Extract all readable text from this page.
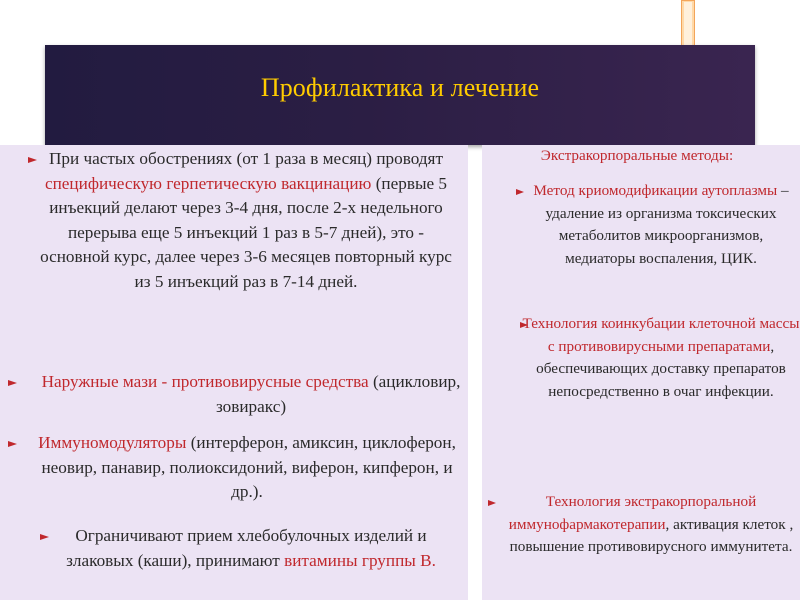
Профилактика и лечение
При частых обострениях (от 1 раза в месяц) проводят специфическую герпетическую вакцинацию (первые 5 инъекций делают через 3-4 дня, после 2-х недельного перерыва еще 5 инъекций 1 раз в 5-7 дней), это - основной курс, далее через 3-6 месяцев повторный курс из 5 инъекций раз в 7-14 дней.
Наружные мази - противовирусные средства (ацикловир, зовиракс)
Иммуномодуляторы (интерферон, амиксин, циклоферон, неовир, панавир, полиоксидоний, виферон, кипферон, и др.).
Ограничивают прием хлебобулочных изделий и злаковых (каши), принимают витамины группы В.
Экстракорпоральные методы:
Метод криомодификации аутоплазмы –удаление из организма токсических метаболитов микроорганизмов, медиаторы воспаления, ЦИК.
Технология коинкубации клеточной массы с противовирусными препаратами, обеспечивающих доставку препаратов непосредственно в очаг инфекции.
Технология экстракорпоральной иммунофармакотерапии, активация клеток , повышение противовирусного иммунитета.
